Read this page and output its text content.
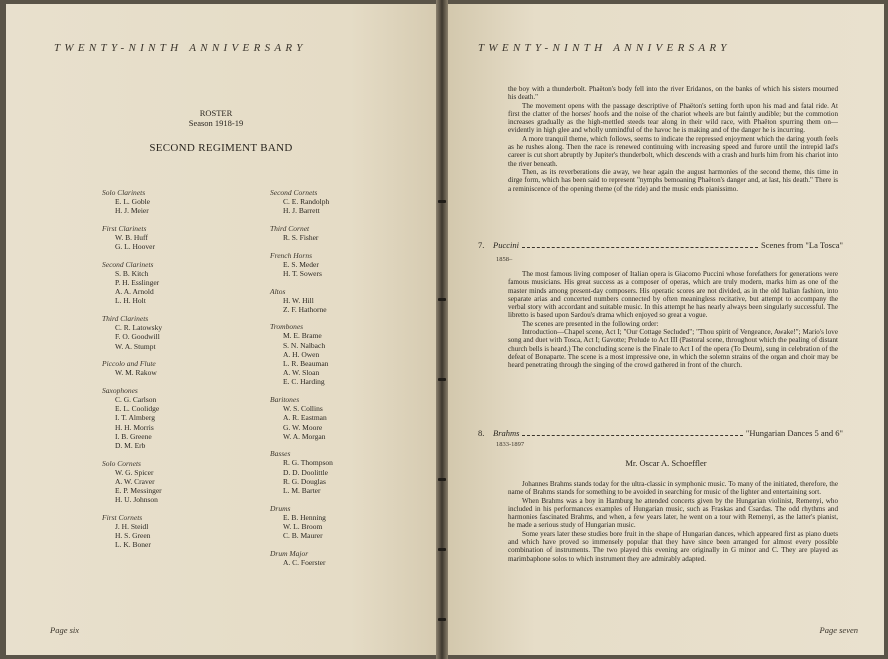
TWENTY-NINTH ANNIVERSARY
ROSTER
Season 1918-19
SECOND REGIMENT BAND
Solo Clarinets
E. L. Goble
H. J. Meier
First Clarinets
W. B. Huff
G. L. Hoover
Second Clarinets
S. B. Kitch
P. H. Esslinger
A. A. Arnold
L. H. Holt
Third Clarinets
C. R. Latowsky
F. O. Goodwill
W. A. Stumpt
Piccolo and Flute
W. M. Rakow
Saxophones
C. G. Carlson
E. L. Coolidge
I. T. Almberg
H. H. Morris
I. B. Greene
D. M. Erb
Solo Cornets
W. G. Spicer
A. W. Craver
E. P. Messinger
H. U. Johnson
First Cornets
J. H. Steidl
H. S. Green
L. K. Boner
Second Cornets
C. E. Randolph
H. J. Barrett
Third Cornet
R. S. Fisher
French Horns
E. S. Meder
H. T. Sowers
Altos
H. W. Hill
Z. F. Hathorne
Trombones
M. E. Brame
S. N. Nalbach
A. H. Owen
L. R. Beauman
A. W. Sloan
E. C. Harding
Baritones
W. S. Collins
A. R. Eastman
G. W. Moore
W. A. Morgan
Basses
R. G. Thompson
D. D. Doolittle
R. G. Douglas
L. M. Barter
Drums
E. B. Henning
W. L. Broom
C. B. Maurer
Drum Major
A. C. Foerster
Page six
TWENTY-NINTH ANNIVERSARY

the boy with a thunderbolt. Phaëton's body fell into the river Eridanos, on the banks of which his sisters mourned his death."

The movement opens with the passage descriptive of Phaëton's setting forth upon his mad and fatal ride. At first the clatter of the horses' hoofs and the noise of the chariot wheels are but faintly audible; but the commotion increases gradually as the high-mettled steeds tear along in their wild race, with Phaëton spurring them on—evidently in high glee and wholly unmindful of the havoc he is making and of the danger he is incurring.

A more tranquil theme, which follows, seems to indicate the repressed enjoyment which the daring youth feels as he rushes along. Then the race is renewed continuing with increasing speed and furore until the intrepid lad's career is cut short abruptly by Jupiter's thunderbolt, which descends with a crash and hurls him from his chariot into the river beneath.

Then, as its reverberations die away, we hear again the august harmonies of the second theme, this time in dirge form, which has been said to represent "nymphs bemoaning Phaëton's danger and, at last, his death." There is a reminiscence of the opening theme (of the ride) and the music ends pianissimo.

7.	Puccini	Scenes from "La Tosca"
1858–

The most famous living composer of Italian opera is Giacomo Puccini whose forefathers for generations were famous musicians. His great success as a composer of operas, which are truly modern, marks him as one of the master minds among present-day composers. His operatic scores are not divided, as in the old Italian fashion, into separate arias and concerted numbers connected by often meaningless recitative, but attempt to accompany the verbal story with accordant and suitable music. In this attempt he has nearly always been singularly successful. The libretto is based upon Sardou's drama which enjoyed so great a vogue.

The scenes are presented in the following order:

Introduction—Chapel scene, Act I; "Our Cottage Secluded"; "Thou spirit of Vengeance, Awake!"; Mario's love song and duet with Tosca, Act I; Gavotte; Prelude to Act III (Pastoral scene, throughout which the pealing of distant church bells is heard.) The concluding scene is the Finale to Act I of the opera (To Deum), sung in celebration of the defeat of Bonaparte. The scene is a most impressive one, in which the solemn strains of the organ and choir may be heard penetrating through the singing of the crowd gathered in front of the church.

8.	Brahms	"Hungarian Dances 5 and 6"
1833-1897
Mr. Oscar A. Schoeffler

Johannes Brahms stands today for the ultra-classic in symphonic music. To many of the initiated, therefore, the name of Brahms stands for something to be avoided in searching for music of the lighter and entertaining sort.

When Brahms was a boy in Hamburg he attended concerts given by the Hungarian violinist, Remenyi, who included in his performances examples of Hungarian music, such as Fraskas and Csardas. The odd rhythms and harmonies fascinated Brahms, and when, a few years later, he went on a tour with Remenyi, as the latter's pianist, he made a serious study of Hungarian music.

Some years later these studies bore fruit in the shape of Hungarian dances, which appeared first as piano duets and which have proved so immensely popular that they have since been arranged for almost every possible combination of instruments. The two played this evening are originally in G minor and C. They are played as marimbaphone solos to which instrument they are admirably adapted.

Page seven
